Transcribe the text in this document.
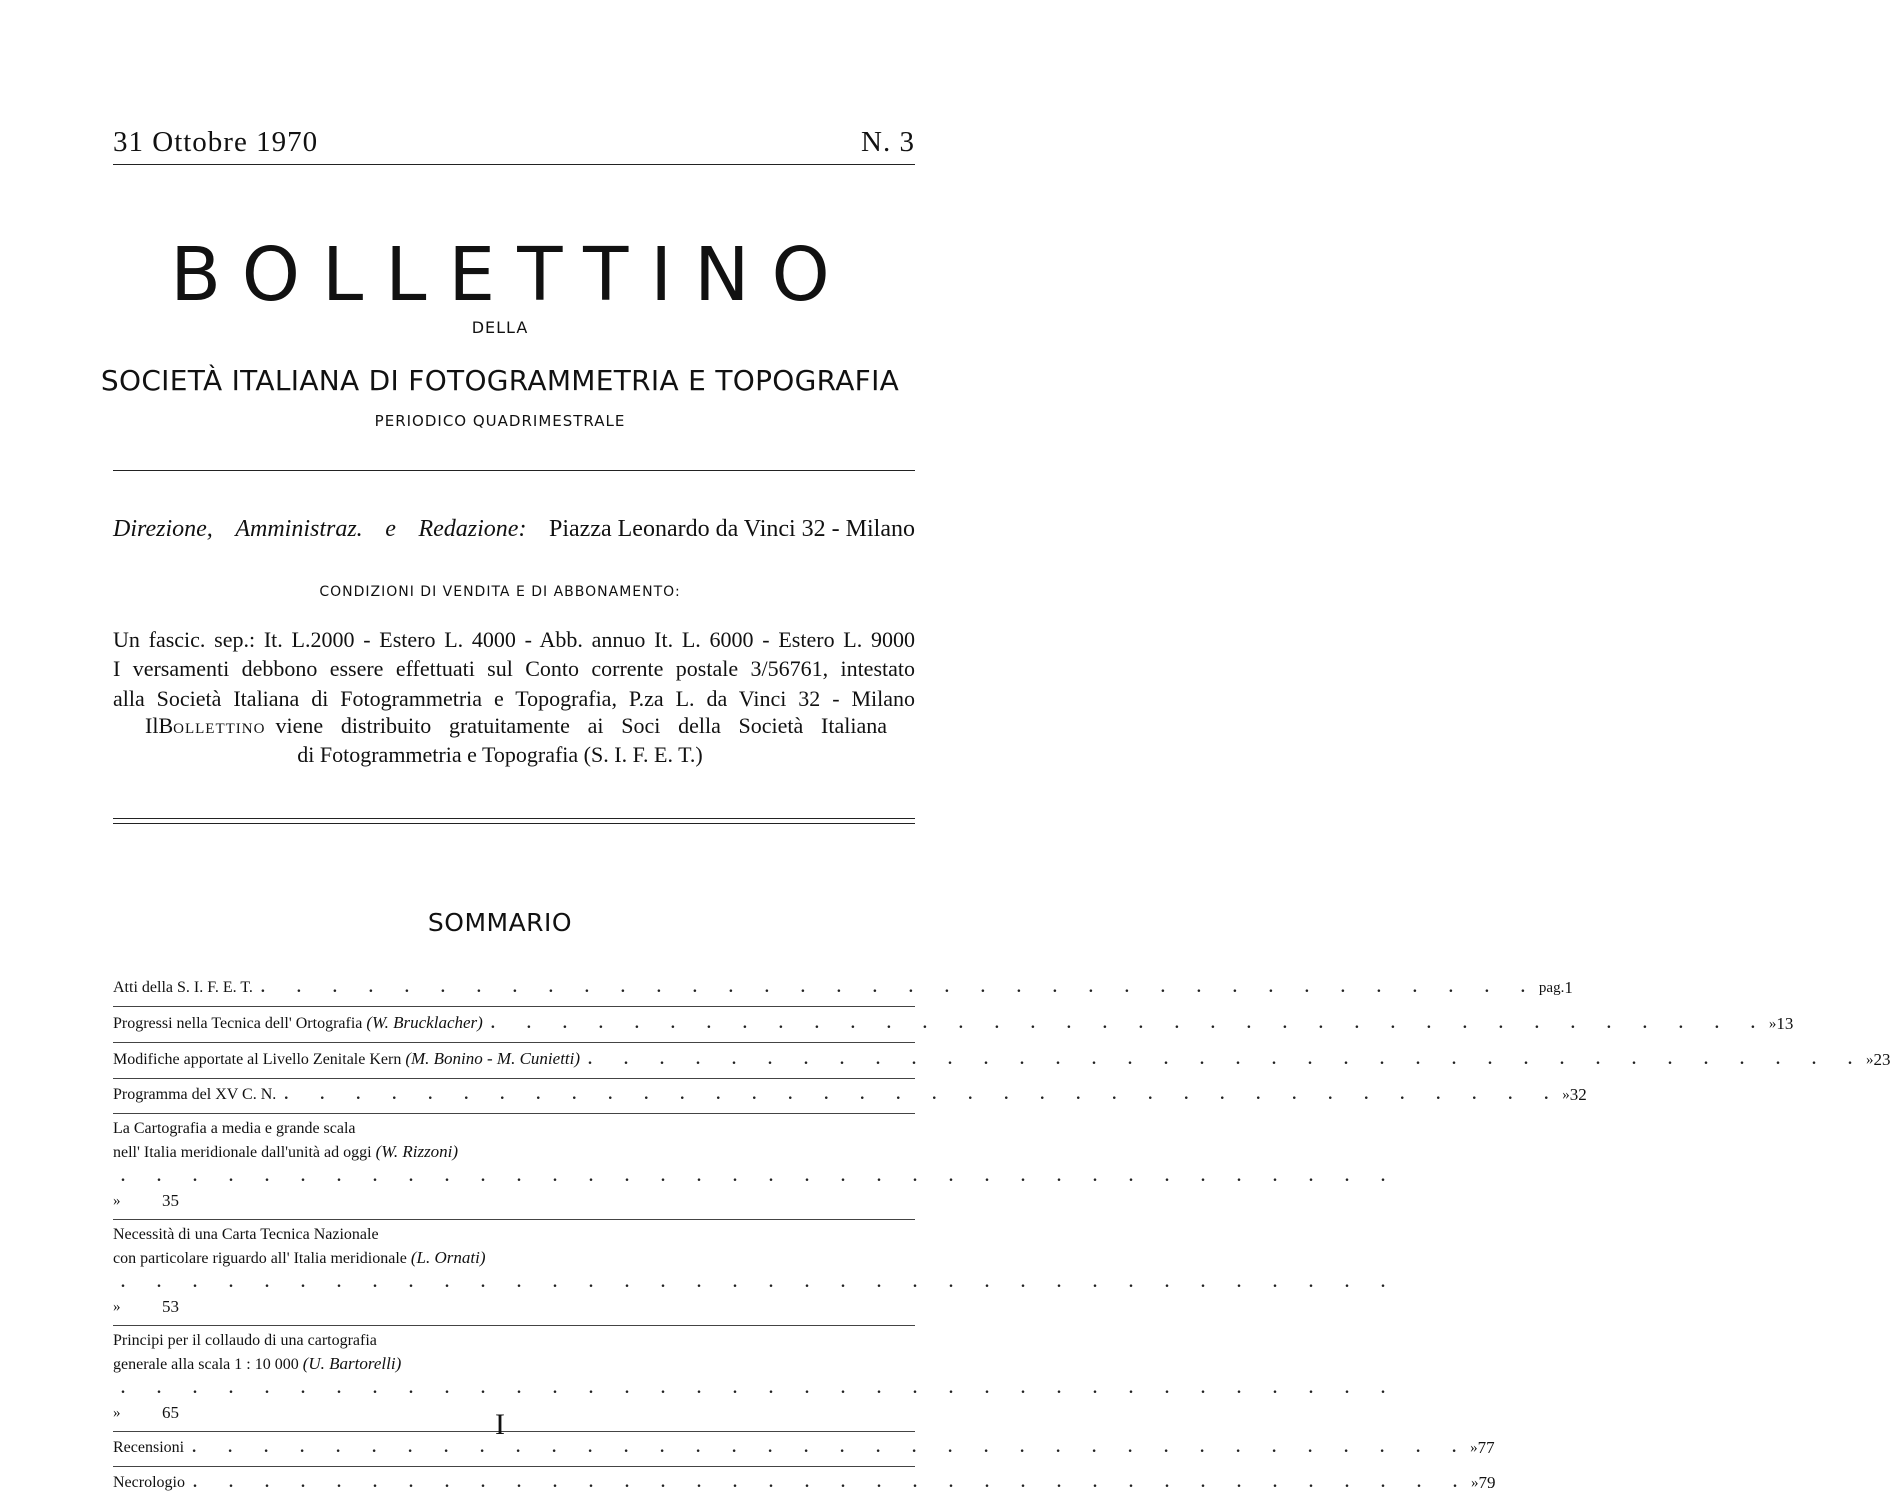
31 Ottobre 1970	N. 3
BOLLETTINO
DELLA
SOCIETÀ ITALIANA DI FOTOGRAMMETRIA E TOPOGRAFIA
PERIODICO QUADRIMESTRALE
Direzione, Amministraz. e Redazione: Piazza Leonardo da Vinci 32 - Milano
CONDIZIONI DI VENDITA E DI ABBONAMENTO:
Un fascic. sep.: It. L.2000 - Estero L. 4000 - Abb. annuo It. L. 6000 - Estero L. 9000
I versamenti debbono essere effettuati sul Conto corrente postale 3/56761, intestato
alla Società Italiana di Fotogrammetria e Topografia, P.za L. da Vinci 32 - Milano
Il BOLLETTINO viene distribuito gratuitamente ai Soci della Società Italiana
di Fotogrammetria e Topografia (S. I. F. E. T.)
SOMMARIO
Atti della S. I. F. E. T. . . . . . . . . . . . . . . . . . . . . . . . . . . . . . . . . . . . . pag. 1
Progressi nella Tecnica dell' Ortografia (W. Brucklacher) . . . . . . . . . . . . . . . . . . . . . . . . . . . . . . . . . . . . » 13
Modifiche apportate al Livello Zenitale Kern (M. Bonino - M. Cunietti) . . . . . . . . . . . . . . . . . . . . . . . . . . . . . . . . . . . . » 23
Programma del XV C. N. . . . . . . . . . . . . . . . . . . . . . . . . . . . . . . . . . . . . » 32
La Cartografia a media e grande scala
nell' Italia meridionale dall'unità ad oggi (W. Rizzoni)
. . . . . . . . . . . . . . . . . . . . . . . . . . . . . . . . . . . .
»	35
Necessità di una Carta Tecnica Nazionale
con particolare riguardo all' Italia meridionale (L. Ornati)
. . . . . . . . . . . . . . . . . . . . . . . . . . . . . . . . . . . .
»	53
Principi per il collaudo di una cartografia
generale alla scala 1 : 10 000 (U. Bartorelli)
. . . . . . . . . . . . . . . . . . . . . . . . . . . . . . . . . . . .
»	65
Recensioni . . . . . . . . . . . . . . . . . . . . . . . . . . . . . . . . . . . . » 77
Necrologio . . . . . . . . . . . . . . . . . . . . . . . . . . . . . . . . . . . . » 79
I
